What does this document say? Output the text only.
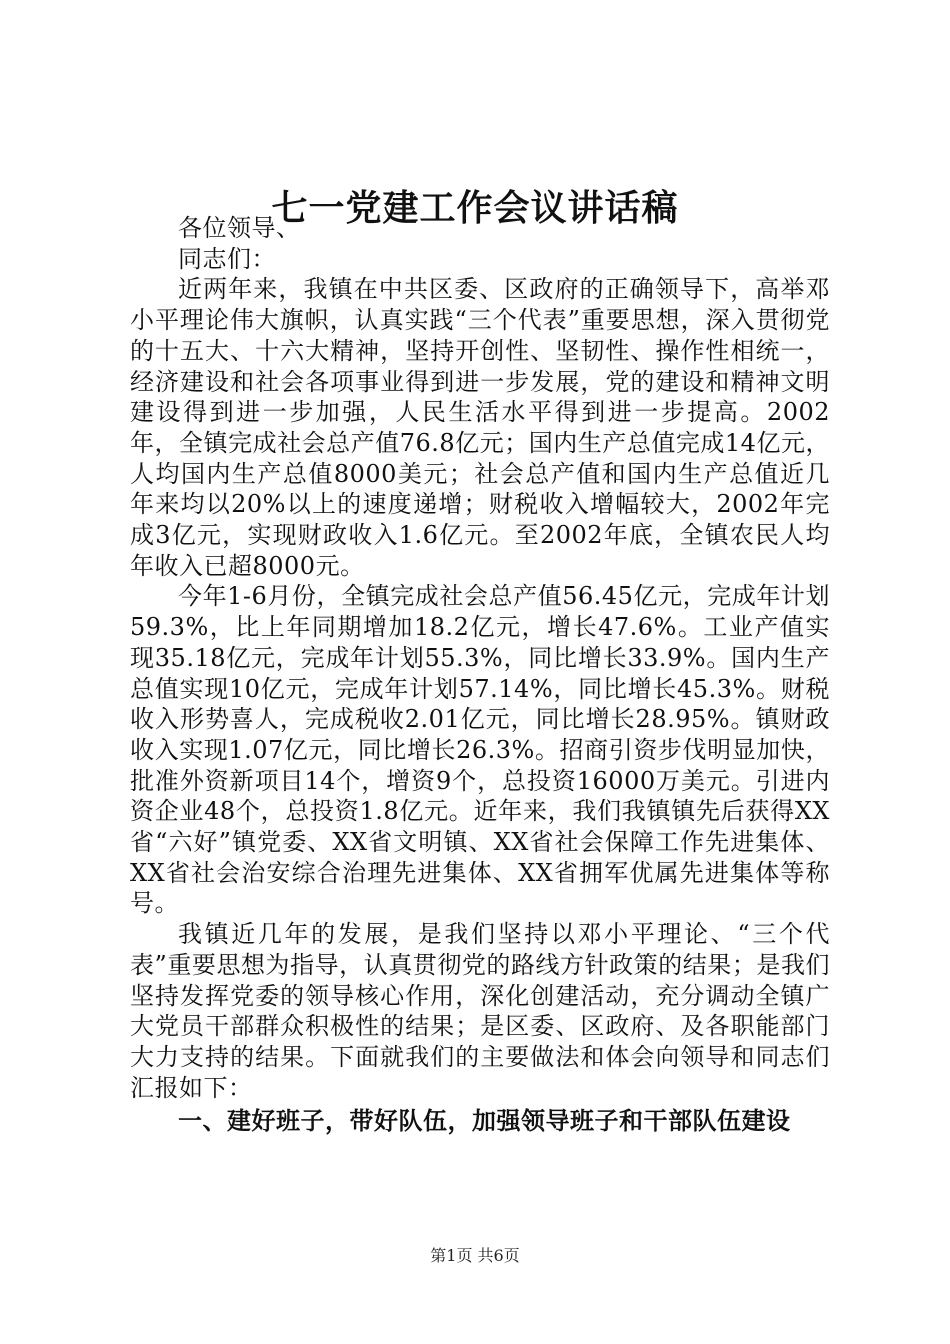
七一党建工作会议讲话稿

各位领导、

同志们：

近两年来，我镇在中共区委、区政府的正确领导下，高举邓小平理论伟大旗帜，认真实践“三个代表”重要思想，深入贯彻党的十五大、十六大精神，坚持开创性、坚韧性、操作性相统一，经济建设和社会各项事业得到进一步发展，党的建设和精神文明建设得到进一步加强，人民生活水平得到进一步提高。2002年，全镇完成社会总产值76.8亿元；国内生产总值完成14亿元，人均国内生产总值8000美元；社会总产值和国内生产总值近几年来均以20%以上的速度递增；财税收入增幅较大，2002年完成3亿元，实现财政收入1.6亿元。至2002年底，全镇农民人均年收入已超8000元。

今年1-6月份，全镇完成社会总产值56.45亿元，完成年计划59.3%，比上年同期增加18.2亿元，增长47.6%。工业产值实现35.18亿元，完成年计划55.3%，同比增长33.9%。国内生产总值实现10亿元，完成年计划57.14%，同比增长45.3%。财税收入形势喜人，完成税收2.01亿元，同比增长28.95%。镇财政收入实现1.07亿元，同比增长26.3%。招商引资步伐明显加快，批准外资新项目14个，增资9个，总投资16000万美元。引进内资企业48个，总投资1.8亿元。近年来，我们我镇镇先后获得XX省“六好”镇党委、XX省文明镇、XX省社会保障工作先进集体、XX省社会治安综合治理先进集体、XX省拥军优属先进集体等称号。

我镇近几年的发展，是我们坚持以邓小平理论、“三个代表”重要思想为指导，认真贯彻党的路线方针政策的结果；是我们坚持发挥党委的领导核心作用，深化创建活动，充分调动全镇广大党员干部群众积极性的结果；是区委、区政府、及各职能部门大力支持的结果。下面就我们的主要做法和体会向领导和同志们汇报如下：

一、建好班子，带好队伍，加强领导班子和干部队伍建设

第1页 共6页
